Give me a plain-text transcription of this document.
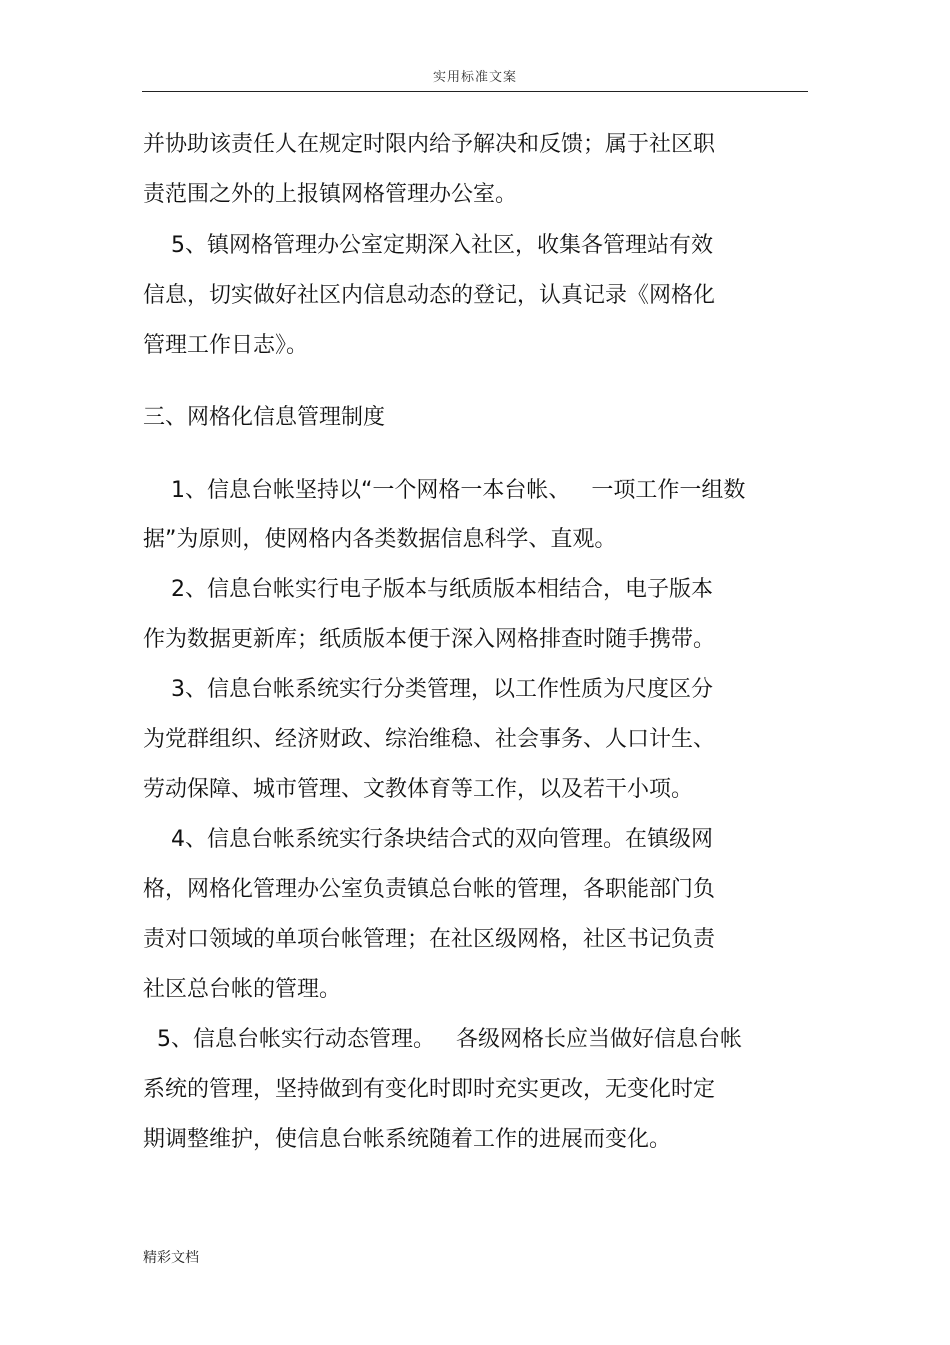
实用标准文案
并协助该责任人在规定时限内给予解决和反馈；属于社区职
责范围之外的上报镇网格管理办公室。
5、镇网格管理办公室定期深入社区，收集各管理站有效
信息，切实做好社区内信息动态的登记，认真记录《网格化
管理工作日志》。
三、网格化信息管理制度
1、信息台帐坚持以“一个网格一本台帐、   一项工作一组数
据”为原则，使网格内各类数据信息科学、直观。
2、信息台帐实行电子版本与纸质版本相结合，电子版本
作为数据更新库；纸质版本便于深入网格排查时随手携带。
3、信息台帐系统实行分类管理，以工作性质为尺度区分
为党群组织、经济财政、综治维稳、社会事务、人口计生、
劳动保障、城市管理、文教体育等工作，以及若干小项。
4、信息台帐系统实行条块结合式的双向管理。在镇级网
格，网格化管理办公室负责镇总台帐的管理，各职能部门负
责对口领域的单项台帐管理；在社区级网格，社区书记负责
社区总台帐的管理。
5、信息台帐实行动态管理。   各级网格长应当做好信息台帐
系统的管理，坚持做到有变化时即时充实更改，无变化时定
期调整维护，使信息台帐系统随着工作的进展而变化。
精彩文档
